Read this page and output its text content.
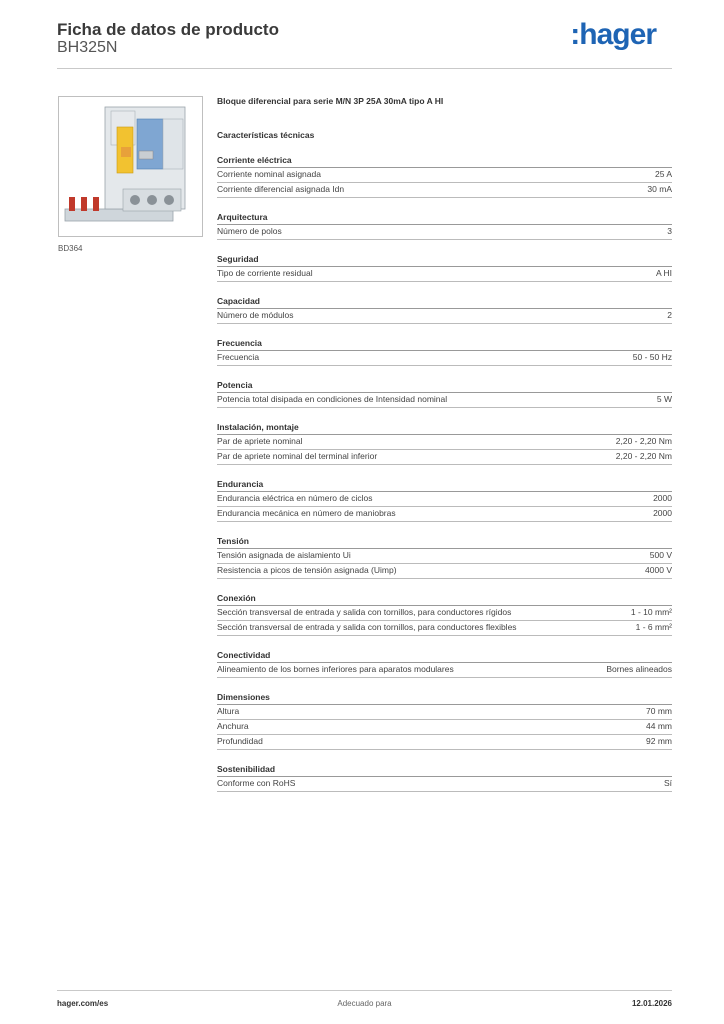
Ficha de datos de producto
BH325N	:hager
BD364
Bloque diferencial para serie M/N 3P 25A 30mA tipo A HI
Características técnicas
Corriente eléctrica
Corriente nominal asignada	25 A
Corriente diferencial asignada Idn	30 mA
Arquitectura
Número de polos	3
Seguridad
Tipo de corriente residual	A HI
Capacidad
Número de módulos	2
Frecuencia
Frecuencia	50 - 50 Hz
Potencia
Potencia total disipada en condiciones de Intensidad nominal	5 W
Instalación, montaje
Par de apriete nominal	2,20 - 2,20 Nm
Par de apriete nominal del terminal inferior	2,20 - 2,20 Nm
Endurancia
Endurancia eléctrica en número de ciclos	2000
Endurancia mecánica en número de maniobras	2000
Tensión
Tensión asignada de aislamiento Ui	500 V
Resistencia a picos de tensión asignada (Uimp)	4000 V
Conexión
Sección transversal de entrada y salida con tornillos, para conductores rígidos	1 - 10 mm²
Sección transversal de entrada y salida con tornillos, para conductores flexibles	1 - 6 mm²
Conectividad
Alineamiento de los bornes inferiores para aparatos modulares	Bornes alineados
Dimensiones
Altura	70 mm
Anchura	44 mm
Profundidad	92 mm
Sostenibilidad
Conforme con RoHS	Sí
hager.com/es	Adecuado para	12.01.2026
